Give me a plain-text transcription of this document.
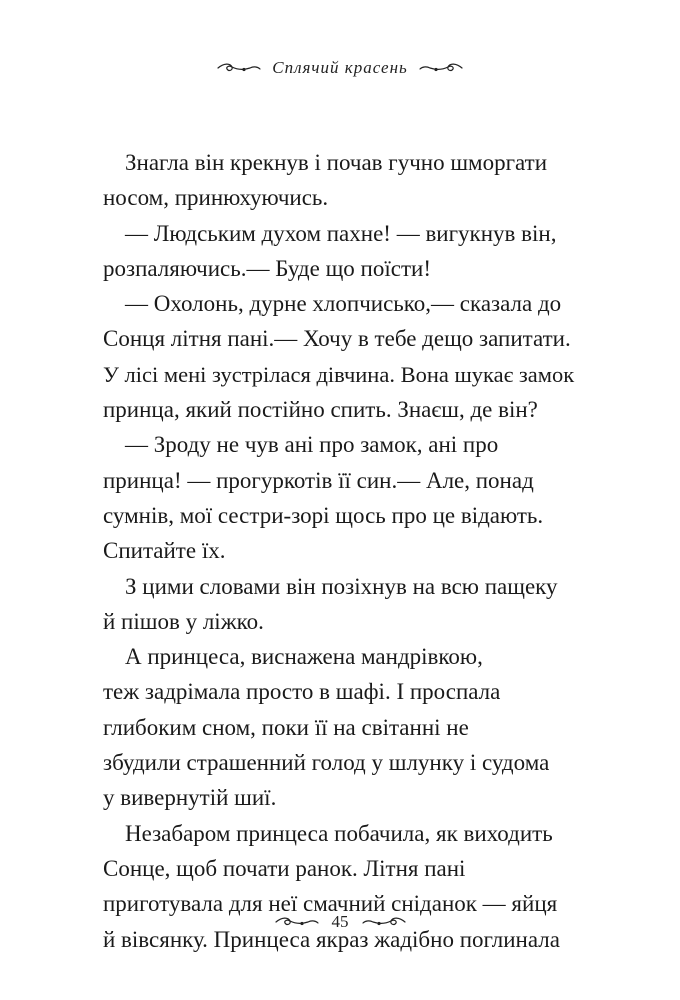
Сплячий красень
Знагла він крекнув і почав гучно шморгати
носом, принюхуючись.
— Людським духом пахне! — вигукнув він,
розпаляючись.— Буде що поїсти!
— Охолонь, дурне хлопчисько,— сказала до
Сонця літня пані.— Хочу в тебе дещо запитати.
У лісі мені зустрілася дівчина. Вона шукає замок
принца, який постійно спить. Знаєш, де він?
— Зроду не чув ані про замок, ані про
принца! — прогуркотів її син.— Але, понад
сумнів, мої сестри-зорі щось про це відають.
Спитайте їх.
З цими словами він позіхнув на всю пащеку
й пішов у ліжко.
А принцеса, виснажена мандрівкою,
теж задрімала просто в шафі. І проспала
глибоким сном, поки її на світанні не
збудили страшенний голод у шлунку і судома
у вивернутій шиї.
Незабаром принцеса побачила, як виходить
Сонце, щоб почати ранок. Літня пані
приготувала для неї смачний сніданок — яйця
й вівсянку. Принцеса якраз жадібно поглинала
45
